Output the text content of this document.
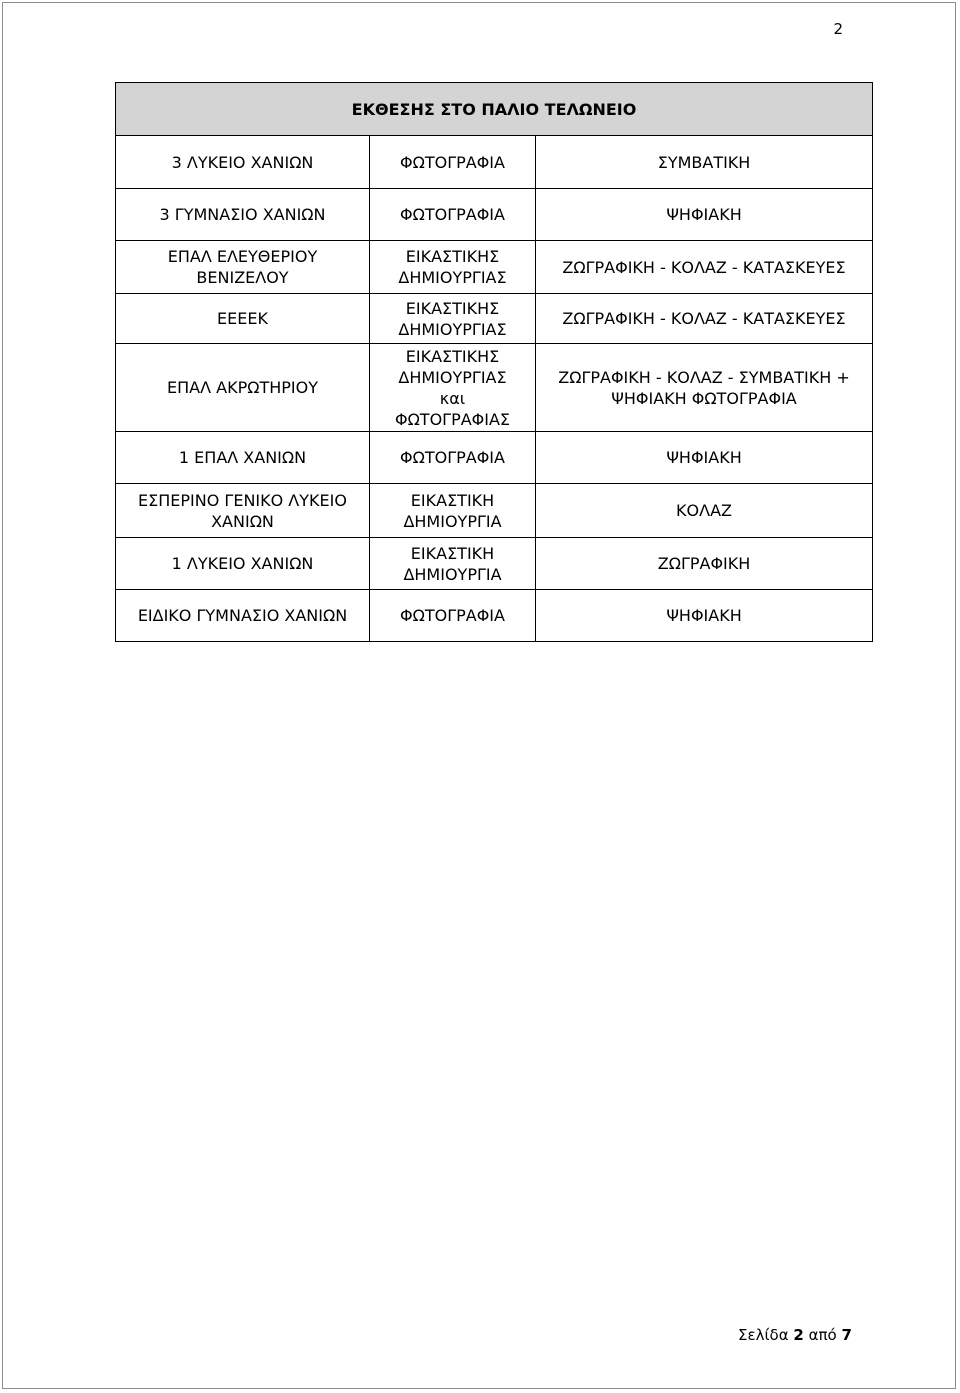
2
ΕΚΘΕΣΗΣ ΣΤΟ ΠΑΛΙΟ ΤΕΛΩΝΕΙΟ		
3 ΛΥΚΕΙΟ ΧΑΝΙΩΝ	ΦΩΤΟΓΡΑΦΙΑ	ΣΥΜΒΑΤΙΚΗ
3 ΓΥΜΝΑΣΙΟ ΧΑΝΙΩΝ	ΦΩΤΟΓΡΑΦΙΑ	ΨΗΦΙΑΚΗ
ΕΠΑΛ ΕΛΕΥΘΕΡΙΟΥ ΒΕΝΙΖΕΛΟΥ	ΕΙΚΑΣΤΙΚΗΣ ΔΗΜΙΟΥΡΓΙΑΣ	ΖΩΓΡΑΦΙΚΗ - ΚΟΛΑΖ - ΚΑΤΑΣΚΕΥΕΣ
ΕΕΕΕΚ	ΕΙΚΑΣΤΙΚΗΣ ΔΗΜΙΟΥΡΓΙΑΣ	ΖΩΓΡΑΦΙΚΗ - ΚΟΛΑΖ - ΚΑΤΑΣΚΕΥΕΣ
ΕΠΑΛ ΑΚΡΩΤΗΡΙΟΥ	ΕΙΚΑΣΤΙΚΗΣ ΔΗΜΙΟΥΡΓΙΑΣ και ΦΩΤΟΓΡΑΦΙΑΣ	ΖΩΓΡΑΦΙΚΗ - ΚΟΛΑΖ - ΣΥΜΒΑΤΙΚΗ + ΨΗΦΙΑΚΗ ΦΩΤΟΓΡΑΦΙΑ
1 ΕΠΑΛ ΧΑΝΙΩΝ	ΦΩΤΟΓΡΑΦΙΑ	ΨΗΦΙΑΚΗ
ΕΣΠΕΡΙΝΟ ΓΕΝΙΚΟ ΛΥΚΕΙΟ ΧΑΝΙΩΝ	ΕΙΚΑΣΤΙΚΗ ΔΗΜΙΟΥΡΓΙΑ	ΚΟΛΑΖ
1 ΛΥΚΕΙΟ ΧΑΝΙΩΝ	ΕΙΚΑΣΤΙΚΗ ΔΗΜΙΟΥΡΓΙΑ	ΖΩΓΡΑΦΙΚΗ
ΕΙΔΙΚΟ ΓΥΜΝΑΣΙΟ ΧΑΝΙΩΝ	ΦΩΤΟΓΡΑΦΙΑ	ΨΗΦΙΑΚΗ
Σελίδα 2 από 7
